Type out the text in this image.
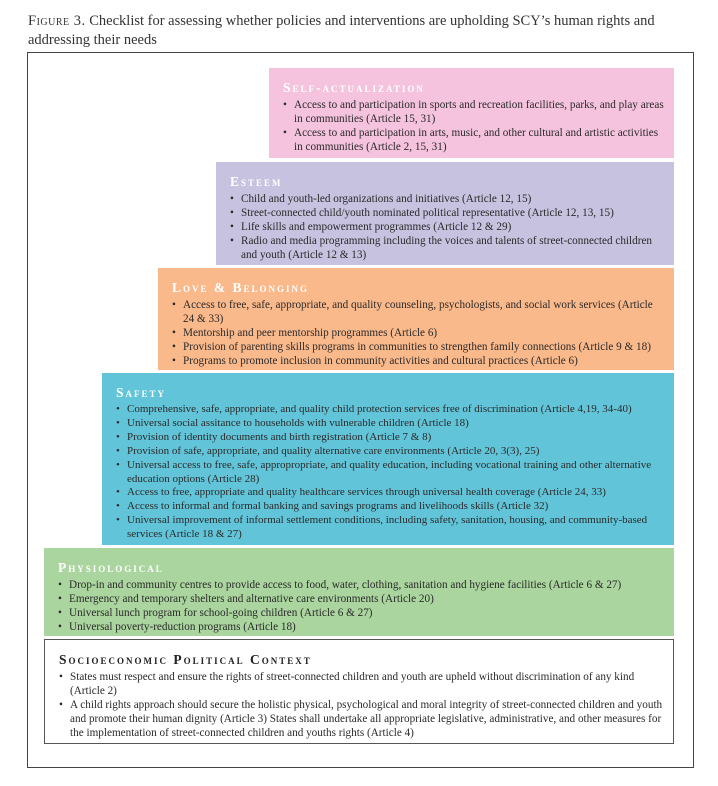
Figure 3. Checklist for assessing whether policies and interventions are upholding SCY’s human rights and addressing their needs
Self-actualization
• Access to and participation in sports and recreation facilities, parks, and play areas in communities (Article 15, 31)
• Access to and participation in arts, music, and other cultural and artistic activities in communities (Article 2, 15, 31)
Esteem
• Child and youth-led organizations and initiatives (Article 12, 15)
• Street-connected child/youth nominated political representative (Article 12, 13, 15)
• Life skills and empowerment programmes (Article 12 & 29)
• Radio and media programming including the voices and talents of street-connected children and youth (Article 12 & 13)
Love & Belonging
• Access to free, safe, appropriate, and quality counseling, psychologists, and social work services (Article 24 & 33)
• Mentorship and peer mentorship programmes (Article 6)
• Provision of parenting skills programs in communities to strengthen family connections (Article 9 & 18)
• Programs to promote inclusion in community activities and cultural practices (Article 6)
Safety
• Comprehensive, safe, appropriate, and quality child protection services free of discrimination (Article 4,19, 34-40)
• Universal social assitance to households with vulnerable children (Article 18)
• Provision of identity documents and birth registration (Article 7 & 8)
• Provision of safe, appropriate, and quality alternative care environments (Article 20, 3(3), 25)
• Universal access to free, safe, appropropriate, and quality education, including vocational training and other alternative education options (Article 28)
• Access to free, appropriate and quality healthcare services through universal health coverage (Article 24, 33)
• Access to informal and formal banking and savings programs and livelihoods skills (Article 32)
• Universal improvement of informal settlement conditions, including safety, sanitation, housing, and community-based services (Article 18 & 27)
Physiological
• Drop-in and community centres to provide access to food, water, clothing, sanitation and hygiene facilities (Article 6 & 27)
• Emergency and temporary shelters and alternative care environments (Article 20)
• Universal lunch program for school-going children (Article 6 & 27)
• Universal poverty-reduction programs (Article 18)
Socioeconomic Political Context
• States must respect and ensure the rights of street-connected children and youth are upheld without discrimination of any kind (Article 2)
• A child rights approach should secure the holistic physical, psychological and moral integrity of street-connected children and youth and promote their human dignity (Article 3) States shall undertake all appropriate legislative, administrative, and other measures for the implementation of street-connected children and youths rights (Article 4)
